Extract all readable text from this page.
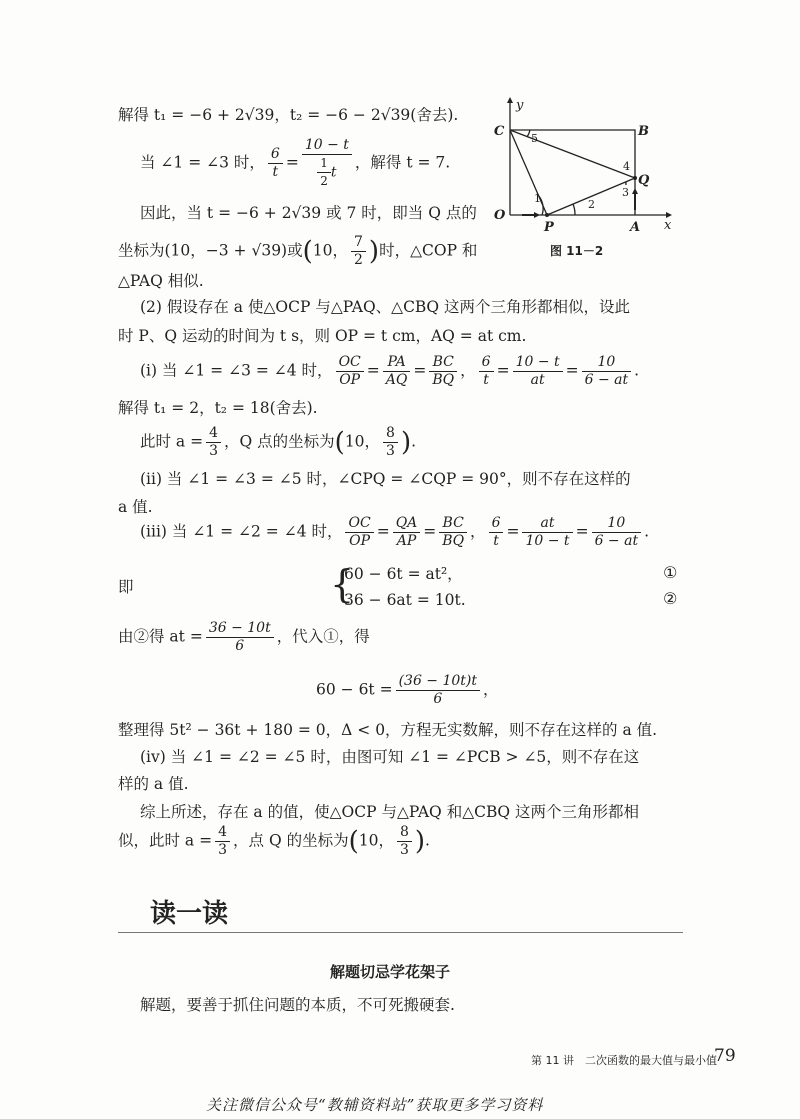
解得 t₁ = −6 + 2√39，t₂ = −6 − 2√39(舍去).
当 ∠1 = ∠3 时， $\frac{6}{t} = \frac{10 - t}{\frac{1}{2} t}$ ，解得 t = 7.
因此，当 t = −6 + 2√39 或 7 时，即当 Q 点的
坐标为(10，−3 + √39)或(10， $\frac{7}{2}$ )时，△COP 和
△PAQ 相似.
y
C	B
O
P	A
Q
x
1	2
3
4
5
图 11－2
(2) 假设存在 a 使△OCP 与△PAQ、△CBQ 这两个三角形都相似，设此
时 P、Q 运动的时间为 t s，则 OP = t cm，AQ = at cm.
(i) 当 ∠1 = ∠3 = ∠4 时， $\frac{OC}{OP} = \frac{PA}{AQ} = \frac{BC}{BQ}$ ， $\frac{6}{t} = \frac{10 - t}{at} = \frac{10}{6 - at}$ .
解得 t₁ = 2，t₂ = 18(舍去).
此时 $a = \frac{4}{3}$ ，Q 点的坐标为(10， $\frac{8}{3}$ ).
(ii) 当 ∠1 = ∠3 = ∠5 时，∠CPQ = ∠CQP = 90°，则不存在这样的
a 值.
(iii) 当 ∠1 = ∠2 = ∠4 时， $\frac{OC}{OP} = \frac{QA}{AP} = \frac{BC}{BQ}$ ， $\frac{6}{t} = \frac{at}{10 - t} = \frac{10}{6 - at}$ .
即	{
60 − 6t = at²，
36 − 6at = 10t.
①
②
由②得 at = $\frac{36 - 10t}{6}$ ，代入①，得
$60 - 6t = \frac{(36 - 10t)t}{6}$ ，
整理得 5t² − 36t + 180 = 0，Δ < 0，方程无实数解，则不存在这样的 a 值.
(iv) 当 ∠1 = ∠2 = ∠5 时，由图可知 ∠1 = ∠PCB > ∠5，则不存在这
样的 a 值.
综上所述，存在 a 的值，使△OCP 与△PAQ 和△CBQ 这两个三角形都相
似，此时 $a = \frac{4}{3}$ ，点 Q 的坐标为(10， $\frac{8}{3}$ ).
读一读
解题切忌学花架子
解题，要善于抓住问题的本质，不可死搬硬套.
第 11 讲　二次函数的最大值与最小值
79
关注微信公众号“教辅资料站”获取更多学习资料
